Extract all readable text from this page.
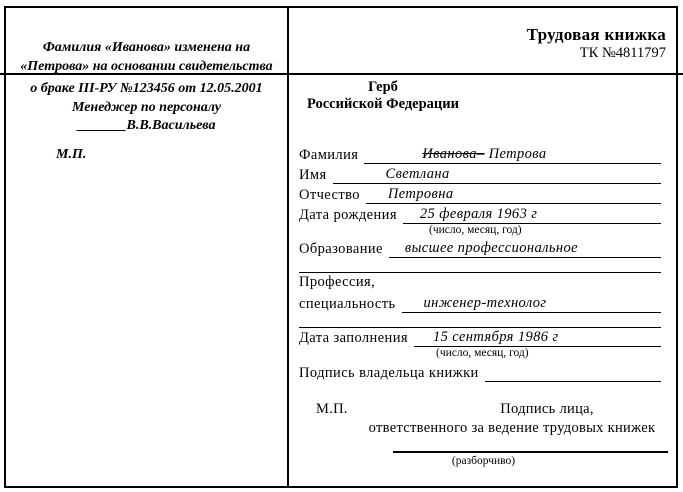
Фамилия «Иванова» изменена на
«Петрова» на основании свидетельства
о браке III-РУ №123456 от 12.05.2001
Менеджер по персоналу
_______В.В.Васильева
М.П.
Трудовая книжка
ТК №4811797
Герб
Российской Федерации
Фамилия	Иванова– Петрова
Имя	Светлана
Отчество	Петровна
Дата рождения	25 февраля 1963 г
(число, месяц, год)
Образование	высшее профессиональное
Профессия,
специальность	инженер-технолог
Дата заполнения	15 сентября 1986 г
(число, месяц, год)
Подпись владельца книжки
М.П.	Подпись лица,
ответственного за ведение трудовых книжек
(разборчиво)
